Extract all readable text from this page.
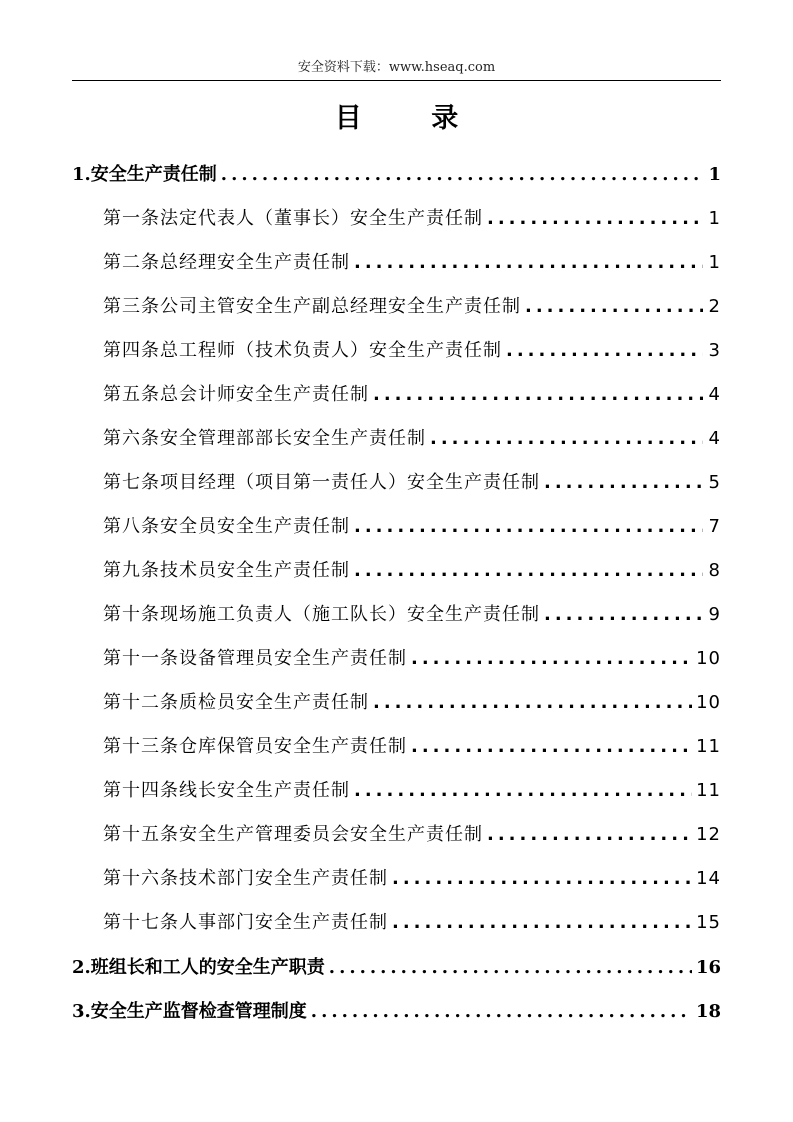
安全资料下载：www.hseaq.com
目 录
1.安全生产责任制 .....	1
第一条法定代表人（董事长）安全生产责任制 .....	1
第二条总经理安全生产责任制 .....	1
第三条公司主管安全生产副总经理安全生产责任制 .....	2
第四条总工程师（技术负责人）安全生产责任制 .....	3
第五条总会计师安全生产责任制 .....	4
第六条安全管理部部长安全生产责任制 .....	4
第七条项目经理（项目第一责任人）安全生产责任制 .....	5
第八条安全员安全生产责任制 .....	7
第九条技术员安全生产责任制 .....	8
第十条现场施工负责人（施工队长）安全生产责任制 .....	9
第十一条设备管理员安全生产责任制 .....	10
第十二条质检员安全生产责任制 .....	10
第十三条仓库保管员安全生产责任制 .....	11
第十四条线长安全生产责任制 .....	11
第十五条安全生产管理委员会安全生产责任制 .....	12
第十六条技术部门安全生产责任制 .....	14
第十七条人事部门安全生产责任制 .....	15
2.班组长和工人的安全生产职责 .....	16
3.安全生产监督检查管理制度 .....	18
